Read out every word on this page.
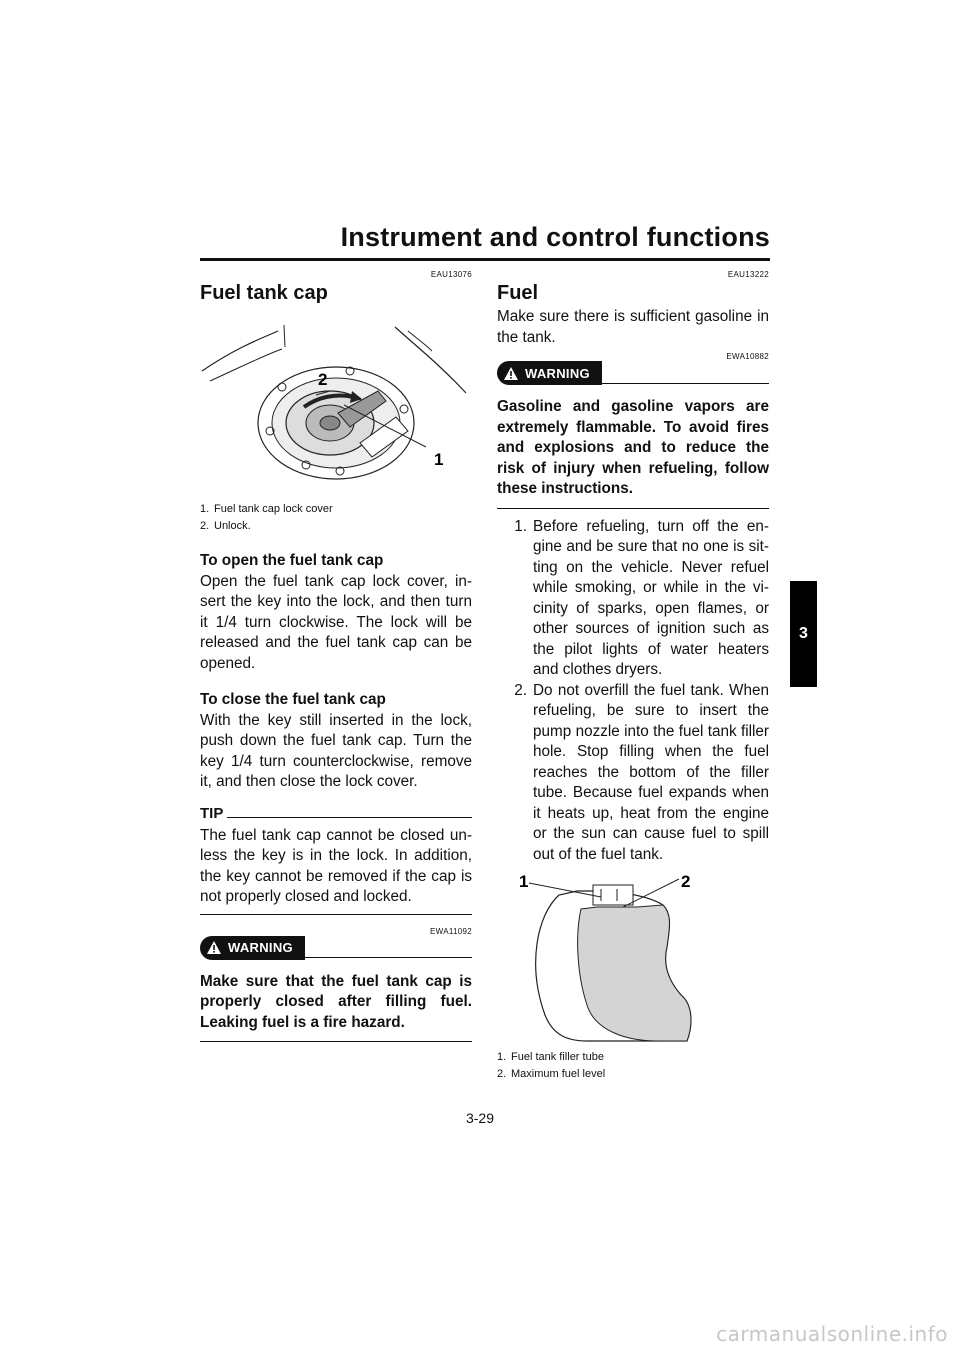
Instrument and control functions
3

EAU13076

Fuel tank cap
2
1
1. Fuel tank cap lock cover
2. Unlock.
To open the fuel tank cap

Open the fuel tank cap lock cover, in-sert the key into the lock, and then turn it 1/4 turn clockwise. The lock will be released and the fuel tank cap can be opened.

To close the fuel tank cap

With the key still inserted in the lock, push down the fuel tank cap. Turn the key 1/4 turn counterclockwise, remove it, and then close the lock cover.

TIP

The fuel tank cap cannot be closed un-less the key is in the lock. In addition, the key cannot be removed if the cap is not properly closed and locked.

EWA11092

WARNING

Make sure that the fuel tank cap is properly closed after filling fuel. Leaking fuel is a fire hazard.

EAU13222

Fuel

Make sure there is sufficient gasoline in the tank.

EWA10882

WARNING

Gasoline and gasoline vapors are extremely flammable. To avoid fires and explosions and to reduce the risk of injury when refueling, follow these instructions.

1. Before refueling, turn off the en-gine and be sure that no one is sit-ting on the vehicle. Never refuel while smoking, or while in the vi-cinity of sparks, open flames, or other sources of ignition such as the pilot lights of water heaters and clothes dryers.
2. Do not overfill the fuel tank. When refueling, be sure to insert the pump nozzle into the fuel tank filler hole. Stop filling when the fuel reaches the bottom of the filler tube. Because fuel expands when it heats up, heat from the engine or the sun can cause fuel to spill out of the fuel tank.
1	2
1. Fuel tank filler tube
2. Maximum fuel level
3-29
carmanualsonline.info
